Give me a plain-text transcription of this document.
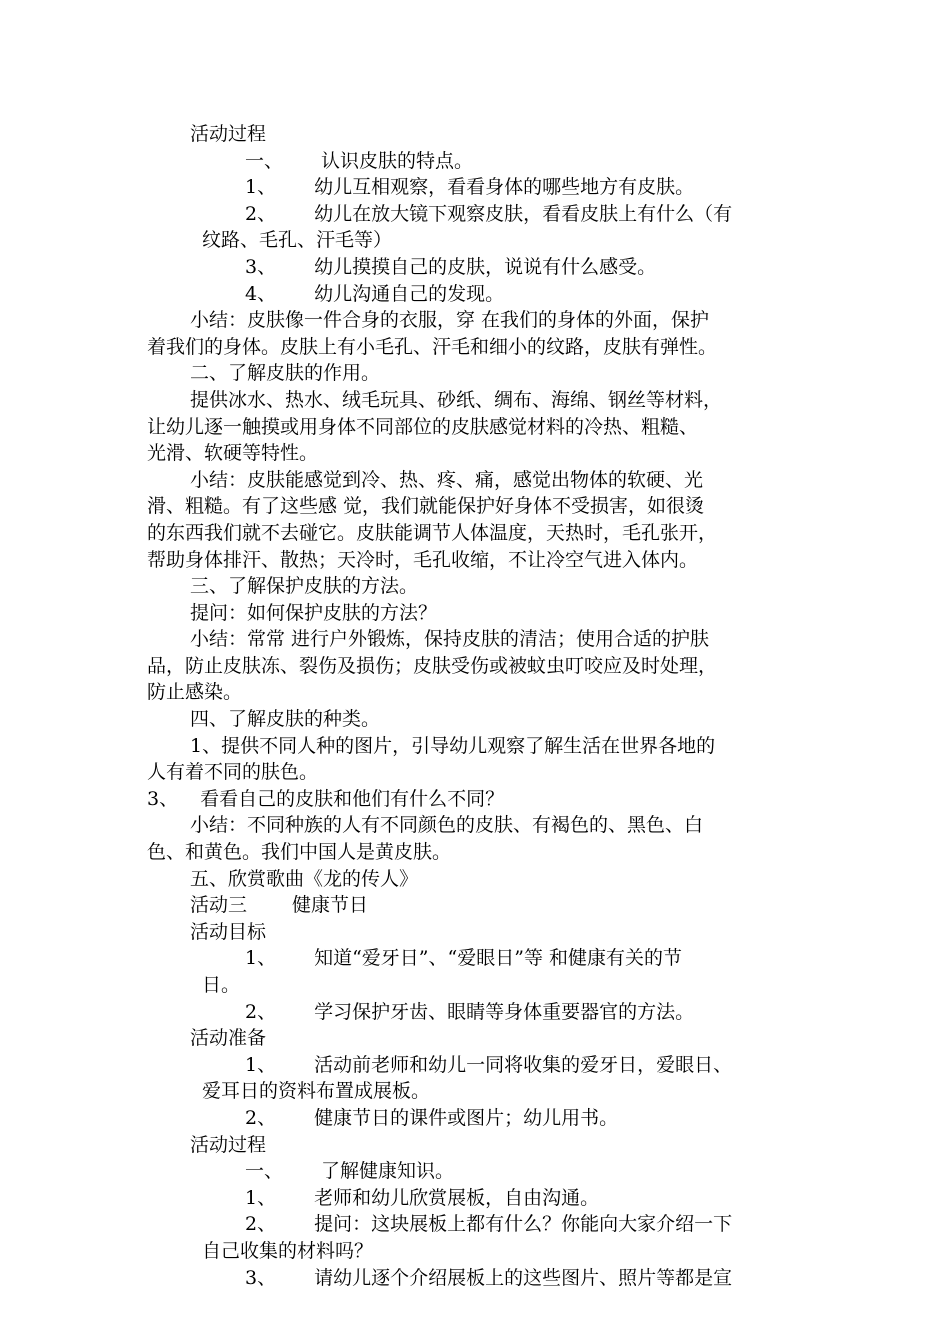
活动过程
一、 认识皮肤的特点。
1、 幼儿互相观察，看看身体的哪些地方有皮肤。
2、 幼儿在放大镜下观察皮肤，看看皮肤上有什么（有
纹路、毛孔、汗毛等）
3、 幼儿摸摸自己的皮肤，说说有什么感受。
4、 幼儿沟通自己的发现。
小结：皮肤像一件合身的衣服，穿 在我们的身体的外面，保护
着我们的身体。皮肤上有小毛孔、汗毛和细小的纹路，皮肤有弹性。
二、了解皮肤的作用。
提供冰水、热水、绒毛玩具、砂纸、绸布、海绵、钢丝等材料，
让幼儿逐一触摸或用身体不同部位的皮肤感觉材料的冷热、粗糙、
光滑、软硬等特性。
小结：皮肤能感觉到冷、热、疼、痛，感觉出物体的软硬、光
滑、粗糙。有了这些感 觉，我们就能保护好身体不受损害，如很烫
的东西我们就不去碰它。皮肤能调节人体温度，天热时，毛孔张开，
帮助身体排汗、散热；天冷时，毛孔收缩，不让冷空气进入体内。
三、了解保护皮肤的方法。
提问：如何保护皮肤的方法？
小结：常常 进行户外锻炼，保持皮肤的清洁；使用合适的护肤
品，防止皮肤冻、裂伤及损伤；皮肤受伤或被蚊虫叮咬应及时处理，
防止感染。
四、了解皮肤的种类。
1、提供不同人种的图片，引导幼儿观察了解生活在世界各地的
人有着不同的肤色。
3、 看看自己的皮肤和他们有什么不同？
小结：不同种族的人有不同颜色的皮肤、有褐色的、黑色、白
色、和黄色。我们中国人是黄皮肤。
五、欣赏歌曲《龙的传人》
活动三 健康节日
活动目标
1、 知道“爱牙日”、“爱眼日”等 和健康有关的节
日。
2、 学习保护牙齿、眼睛等身体重要器官的方法。
活动准备
1、 活动前老师和幼儿一同将收集的爱牙日，爱眼日、
爱耳日的资料布置成展板。
2、 健康节日的课件或图片；幼儿用书。
活动过程
一、 了解健康知识。
1、 老师和幼儿欣赏展板，自由沟通。
2、 提问：这块展板上都有什么？你能向大家介绍一下
自己收集的材料吗？
3、 请幼儿逐个介绍展板上的这些图片、照片等都是宣
